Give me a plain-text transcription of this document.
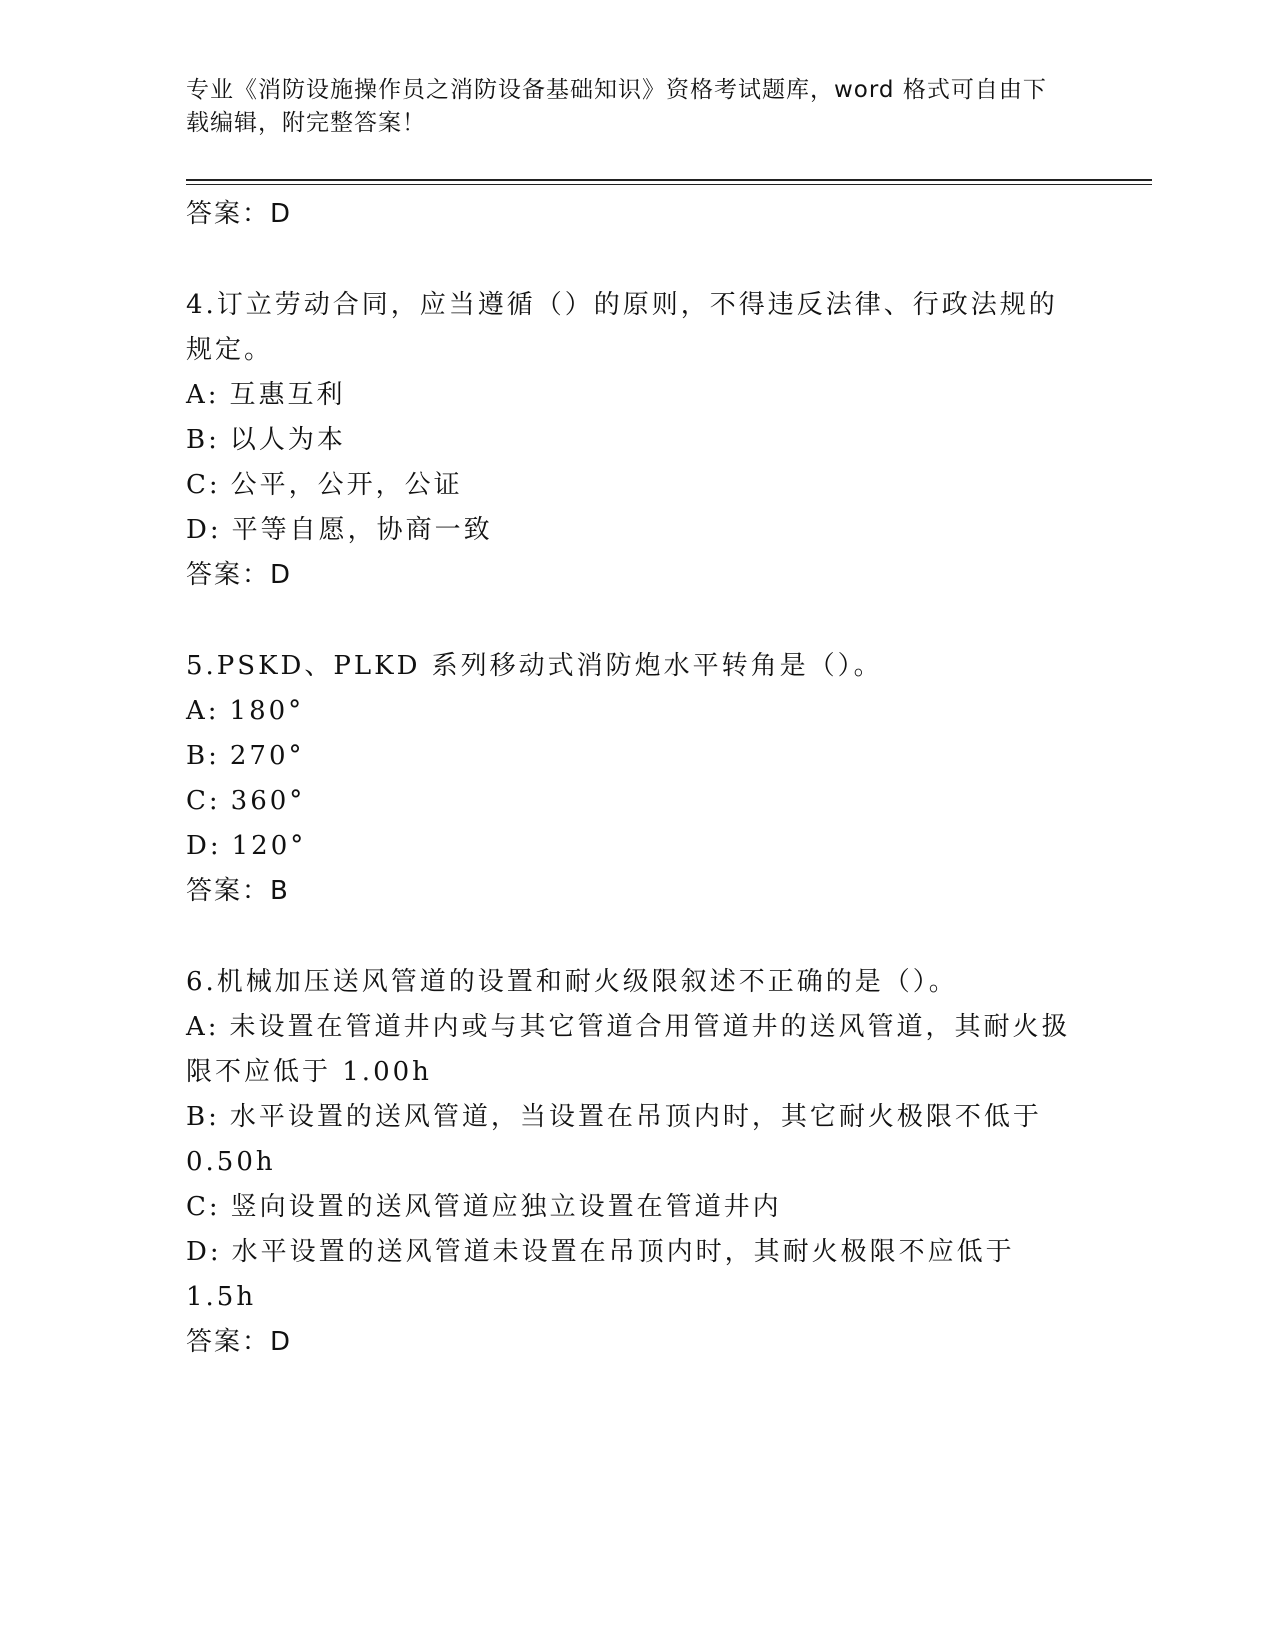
专业《消防设施操作员之消防设备基础知识》资格考试题库，word 格式可自由下
载编辑，附完整答案！
答案：D
4.订立劳动合同，应当遵循（）的原则，不得违反法律、行政法规的
规定。
A: 互惠互利
B: 以人为本
C: 公平，公开，公证
D: 平等自愿，协商一致
答案：D
5.PSKD、PLKD 系列移动式消防炮水平转角是（）。
A: 180°
B: 270°
C: 360°
D: 120°
答案：B
6.机械加压送风管道的设置和耐火级限叙述不正确的是（）。
A: 未设置在管道井内或与其它管道合用管道井的送风管道，其耐火扱
限不应低于 1.00h
B: 水平设置的送风管道，当设置在吊顶内时，其它耐火极限不低于
0.50h
C: 竖向设置的送风管道应独立设置在管道井内
D: 水平设置的送风管道未设置在吊顶内时，其耐火极限不应低于 1.5h
答案：D
